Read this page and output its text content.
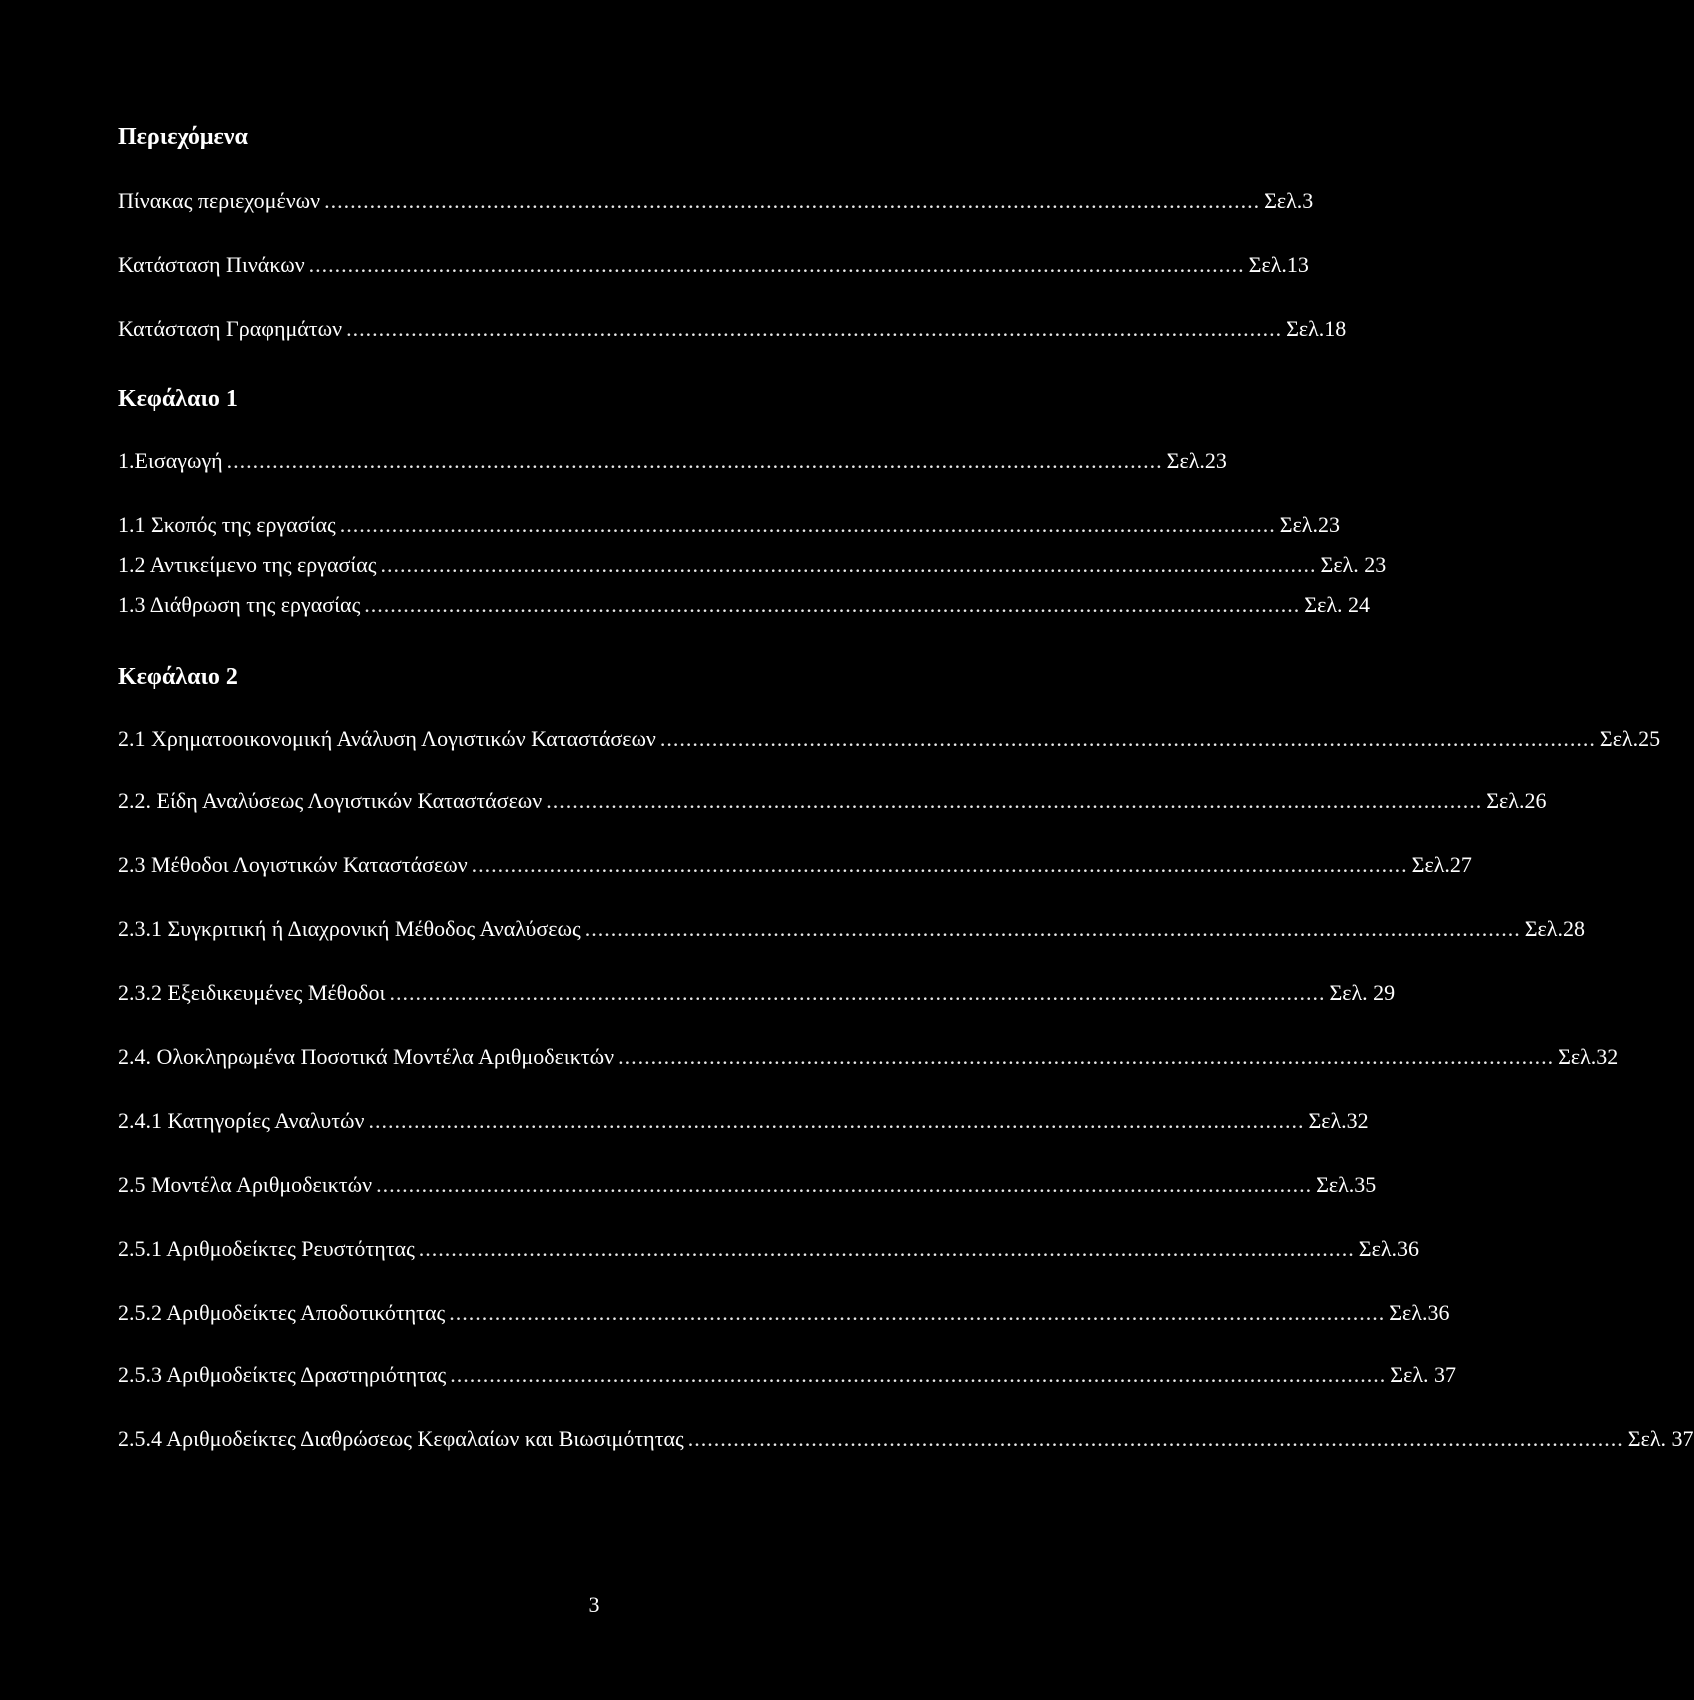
Περιεχόμενα
Πίνακας περιεχομένων ................................................................................................................................................ Σελ.3
Κατάσταση Πινάκων ................................................................................................................................................ Σελ.13
Κατάσταση Γραφημάτων ................................................................................................................................................ Σελ.18
Κεφάλαιο 1
1.Εισαγωγή ................................................................................................................................................ Σελ.23
1.1 Σκοπός της εργασίας ................................................................................................................................................ Σελ.23
1.2 Αντικείμενο της εργασίας ................................................................................................................................................ Σελ. 23
1.3 Διάθρωση της εργασίας ................................................................................................................................................ Σελ. 24
Κεφάλαιο 2
2.1 Χρηματοοικονομική Ανάλυση Λογιστικών Καταστάσεων ................................................................................................................................................ Σελ.25
2.2. Είδη Αναλύσεως Λογιστικών Καταστάσεων ................................................................................................................................................ Σελ.26
2.3 Μέθοδοι Λογιστικών Καταστάσεων ................................................................................................................................................ Σελ.27
2.3.1 Συγκριτική ή Διαχρονική Μέθοδος Αναλύσεως ................................................................................................................................................ Σελ.28
2.3.2 Εξειδικευμένες Μέθοδοι ................................................................................................................................................ Σελ. 29
2.4. Ολοκληρωμένα Ποσοτικά Μοντέλα Αριθμοδεικτών ................................................................................................................................................ Σελ.32
2.4.1 Κατηγορίες Αναλυτών ................................................................................................................................................ Σελ.32
2.5 Μοντέλα Αριθμοδεικτών ................................................................................................................................................ Σελ.35
2.5.1 Αριθμοδείκτες Ρευστότητας ................................................................................................................................................ Σελ.36
2.5.2 Αριθμοδείκτες Αποδοτικότητας ................................................................................................................................................ Σελ.36
2.5.3 Αριθμοδείκτες Δραστηριότητας ................................................................................................................................................ Σελ. 37
2.5.4 Αριθμοδείκτες Διαθρώσεως Κεφαλαίων και Βιωσιμότητας ................................................................................................................................................ Σελ. 37
3
